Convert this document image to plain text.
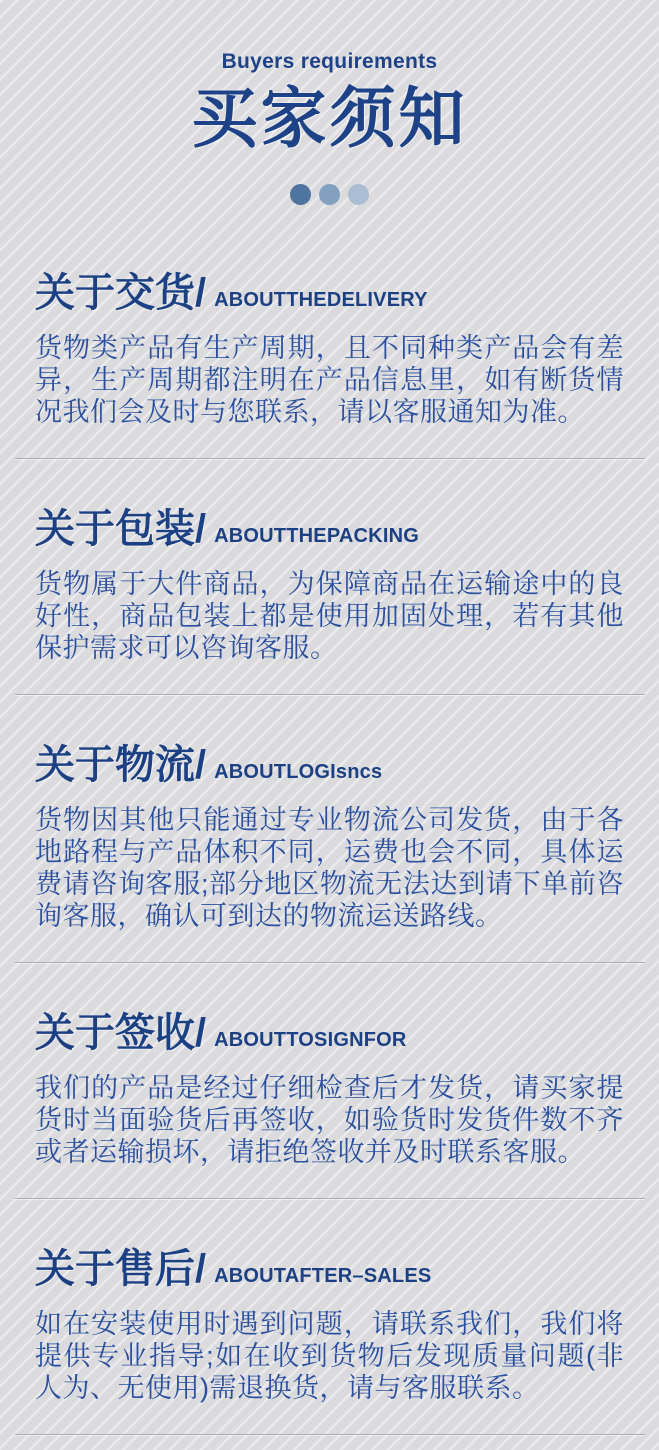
Buyers requirements
买家须知
关于交货/ ABOUTTHEDELIVERY

货物类产品有生产周期，且不同种类产品会有差异，生产周期都注明在产品信息里，如有断货情况我们会及时与您联系，请以客服通知为准。

关于包装/ ABOUTTHEPACKING

货物属于大件商品，为保障商品在运输途中的良好性，商品包装上都是使用加固处理，若有其他保护需求可以咨询客服。

关于物流/ ABOUTLOGIsncs

货物因其他只能通过专业物流公司发货，由于各地路程与产品体积不同，运费也会不同，具体运费请咨询客服;部分地区物流无法达到请下单前咨询客服，确认可到达的物流运送路线。

关于签收/ ABOUTTOSIGNFOR

我们的产品是经过仔细检查后才发货，请买家提货时当面验货后再签收，如验货时发货件数不齐或者运输损坏，请拒绝签收并及时联系客服。

关于售后/ ABOUTAFTER–SALES

如在安装使用时遇到问题，请联系我们，我们将提供专业指导;如在收到货物后发现质量问题(非人为、无使用)需退换货，请与客服联系。
